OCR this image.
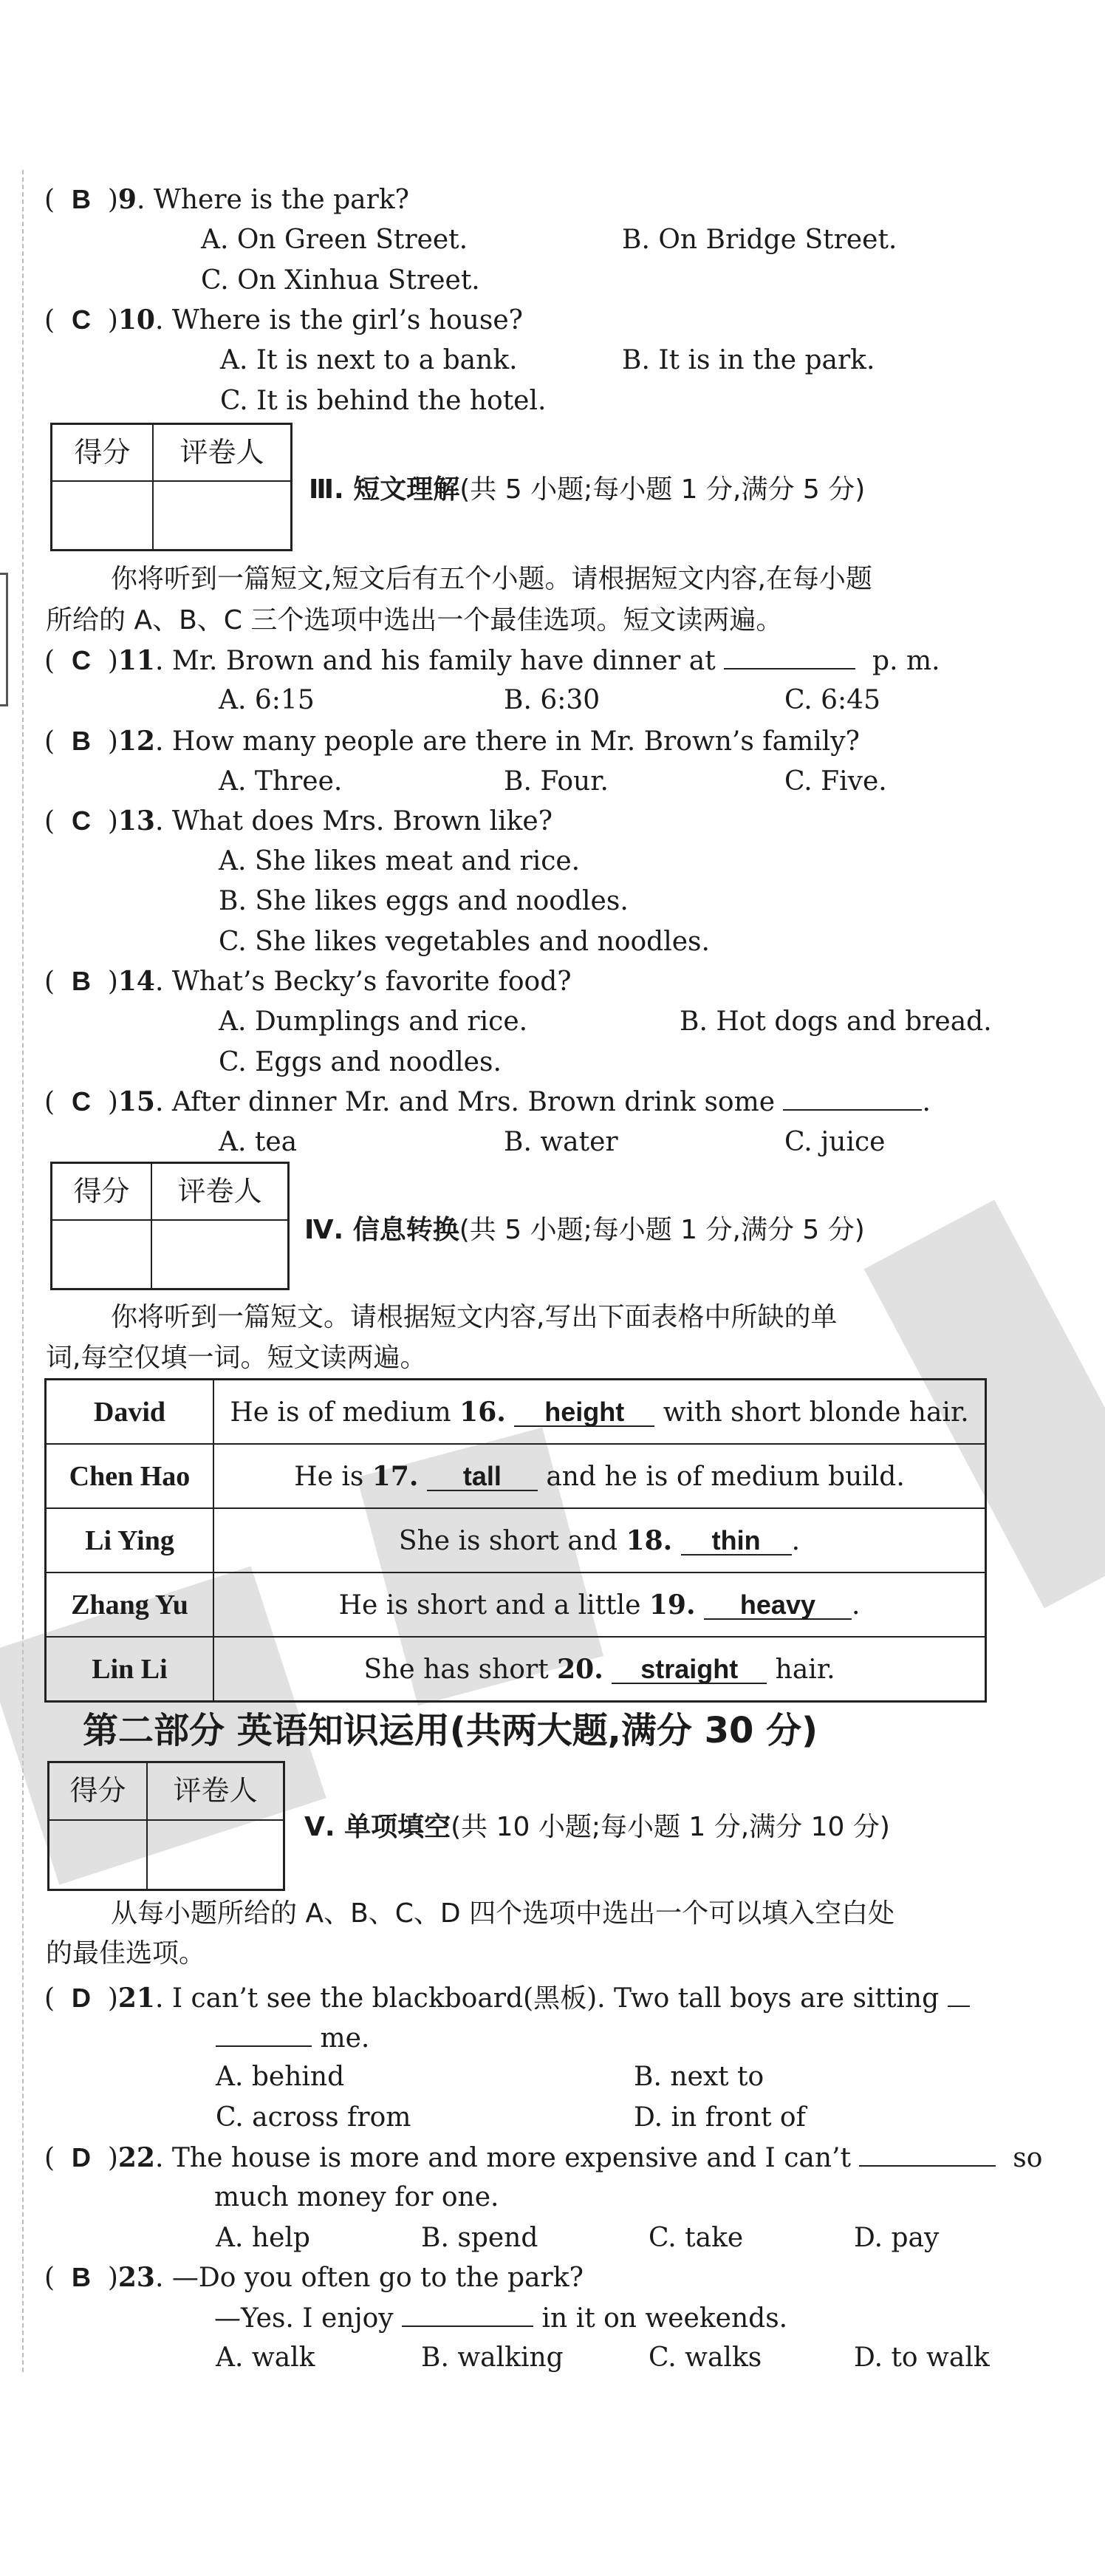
(  B  )9. Where is the park?
A. On Green Street.	B. On Bridge Street.
C. On Xinhua Street.
(  C  )10. Where is the girl’s house?
A. It is next to a bank.	B. It is in the park.
C. It is behind the hotel.
得分	评卷人
Ⅲ. 短文理解(共 5 小题;每小题 1 分,满分 5 分)
你将听到一篇短文,短文后有五个小题。请根据短文内容,在每小题
所给的 A、B、C 三个选项中选出一个最佳选项。短文读两遍。
(  C  )11. Mr. Brown and his family have dinner at	p. m.
A. 6:15	B. 6:30	C. 6:45
(  B  )12. How many people are there in Mr. Brown’s family?
A. Three.	B. Four.	C. Five.
(  C  )13. What does Mrs. Brown like?
A. She likes meat and rice.
B. She likes eggs and noodles.
C. She likes vegetables and noodles.
(  B  )14. What’s Becky’s favorite food?
A. Dumplings and rice.	B. Hot dogs and bread.
C. Eggs and noodles.
(  C  )15. After dinner Mr. and Mrs. Brown drink some	.
A. tea	B. water	C. juice
得分	评卷人
Ⅳ. 信息转换(共 5 小题;每小题 1 分,满分 5 分)
你将听到一篇短文。请根据短文内容,写出下面表格中所缺的单
词,每空仅填一词。短文读两遍。
David	He is of medium 16. height with short blonde hair.
Chen Hao	He is 17. tall and he is of medium build.
Li Ying	She is short and 18. thin .
Zhang Yu	He is short and a little 19. heavy .
Lin Li	She has short 20. straight hair.
第二部分 英语知识运用(共两大题,满分 30 分)
得分	评卷人
Ⅴ. 单项填空(共 10 小题;每小题 1 分,满分 10 分)
从每小题所给的 A、B、C、D 四个选项中选出一个可以填入空白处
的最佳选项。
(  D  )21. I can’t see the blackboard(黑板). Two tall boys are sitting
me.
A. behind	B. next to
C. across from	D. in front of
(  D  )22. The house is more and more expensive and I can’t	so
much money for one.
A. help	B. spend	C. take	D. pay
(  B  )23. —Do you often go to the park?
—Yes. I enjoy	in it on weekends.
A. walk	B. walking	C. walks	D. to walk
